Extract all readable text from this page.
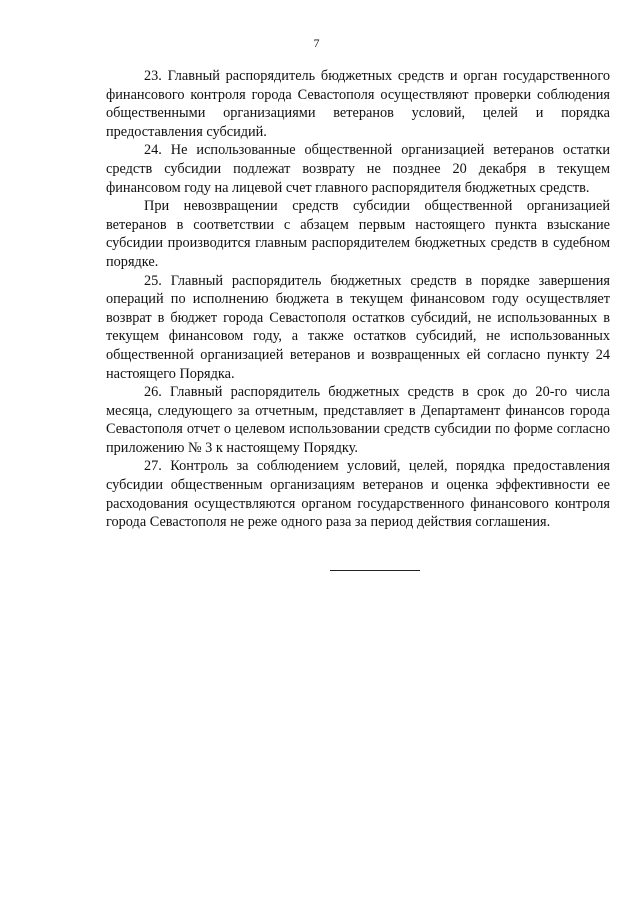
7

23. Главный распорядитель бюджетных средств и орган государственного финансового контроля города Севастополя осуществляют проверки соблюдения общественными организациями ветеранов условий, целей и порядка предоставления субсидий.

24. Не использованные общественной организацией ветеранов остатки средств субсидии подлежат возврату не позднее 20 декабря в текущем финансовом году на лицевой счет главного распорядителя бюджетных средств.

При невозвращении средств субсидии общественной организацией ветеранов в соответствии с абзацем первым настоящего пункта взыскание субсидии производится главным распорядителем бюджетных средств в судебном порядке.

25. Главный распорядитель бюджетных средств в порядке завершения операций по исполнению бюджета в текущем финансовом году осуществляет возврат в бюджет города Севастополя остатков субсидий, не использованных в текущем финансовом году, а также остатков субсидий, не использованных общественной организацией ветеранов и возвращенных ей согласно пункту 24 настоящего Порядка.

26. Главный распорядитель бюджетных средств в срок до 20-го числа месяца, следующего за отчетным, представляет в Департамент финансов города Севастополя отчет о целевом использовании средств субсидии по форме согласно приложению № 3 к настоящему Порядку.

27. Контроль за соблюдением условий, целей, порядка предоставления субсидии общественным организациям ветеранов и оценка эффективности ее расходования осуществляются органом государственного финансового контроля города Севастополя не реже одного раза за период действия соглашения.
